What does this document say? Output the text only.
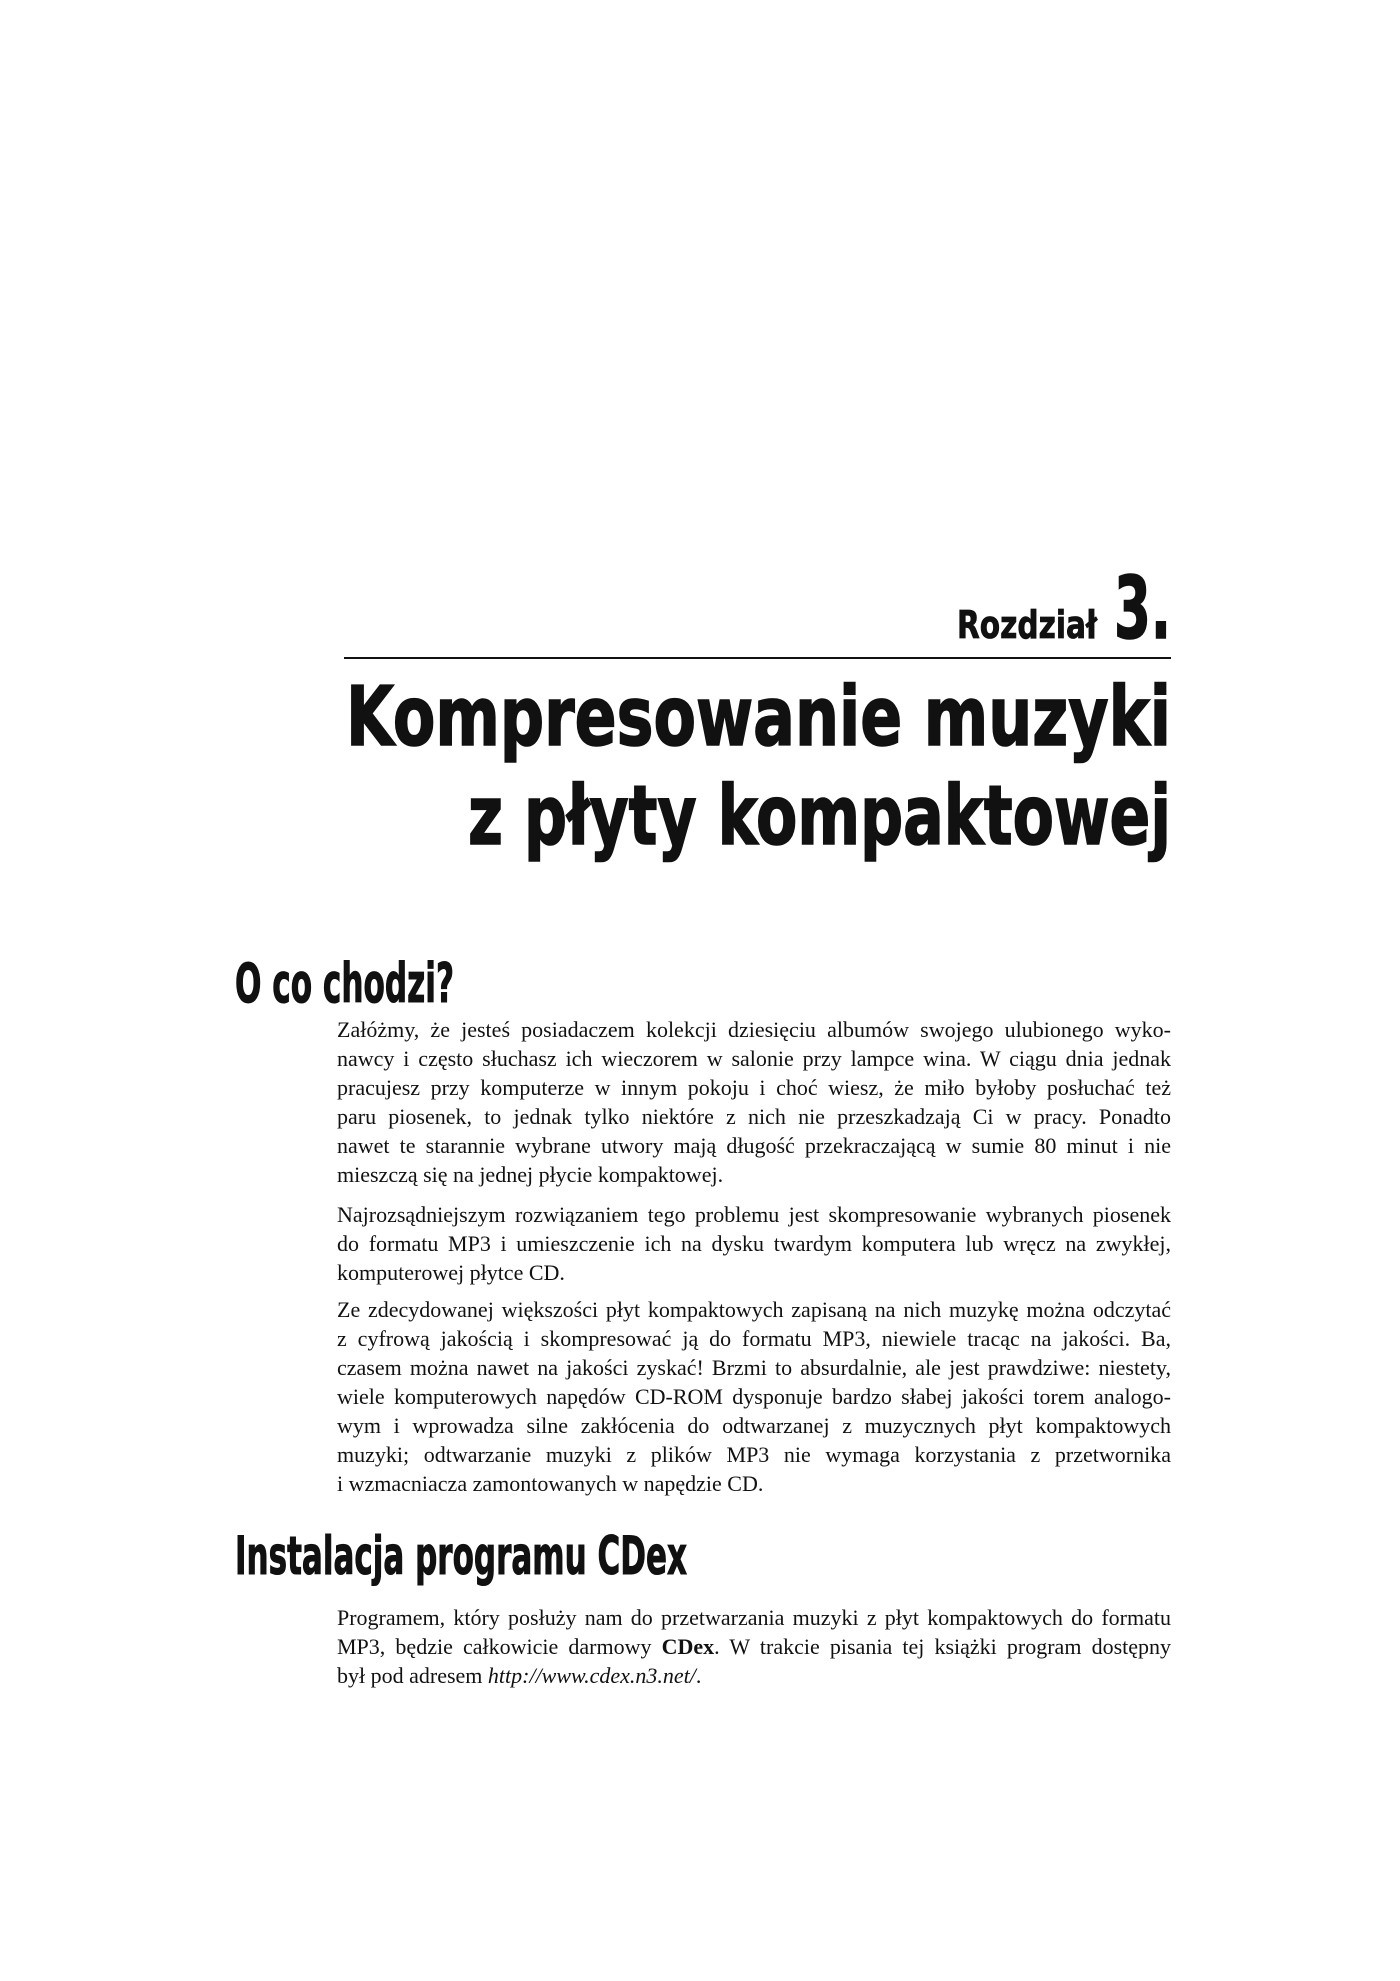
Rozdział 3.
Kompresowanie muzyki
z płyty kompaktowej
O co chodzi?
Instalacja programu CDex
Załóżmy, że jesteś posiadaczem kolekcji dziesięciu albumów swojego ulubionego wyko-
nawcy i często słuchasz ich wieczorem w salonie przy lampce wina. W ciągu dnia jednak
pracujesz przy komputerze w innym pokoju i choć wiesz, że miło byłoby posłuchać też
paru piosenek, to jednak tylko niektóre z nich nie przeszkadzają Ci w pracy. Ponadto
nawet te starannie wybrane utwory mają długość przekraczającą w sumie 80 minut i nie
mieszczą się na jednej płycie kompaktowej.
Najrozsądniejszym rozwiązaniem tego problemu jest skompresowanie wybranych piosenek
do formatu MP3 i umieszczenie ich na dysku twardym komputera lub wręcz na zwykłej,
komputerowej płytce CD.
Ze zdecydowanej większości płyt kompaktowych zapisaną na nich muzykę można odczytać
z cyfrową jakością i skompresować ją do formatu MP3, niewiele tracąc na jakości. Ba,
czasem można nawet na jakości zyskać! Brzmi to absurdalnie, ale jest prawdziwe: niestety,
wiele komputerowych napędów CD-ROM dysponuje bardzo słabej jakości torem analogo-
wym i wprowadza silne zakłócenia do odtwarzanej z muzycznych płyt kompaktowych
muzyki; odtwarzanie muzyki z plików MP3 nie wymaga korzystania z przetwornika
i wzmacniacza zamontowanych w napędzie CD.
Programem, który posłuży nam do przetwarzania muzyki z płyt kompaktowych do formatu
MP3, będzie całkowicie darmowy CDex. W trakcie pisania tej książki program dostępny
był pod adresem http://www.cdex.n3.net/.
